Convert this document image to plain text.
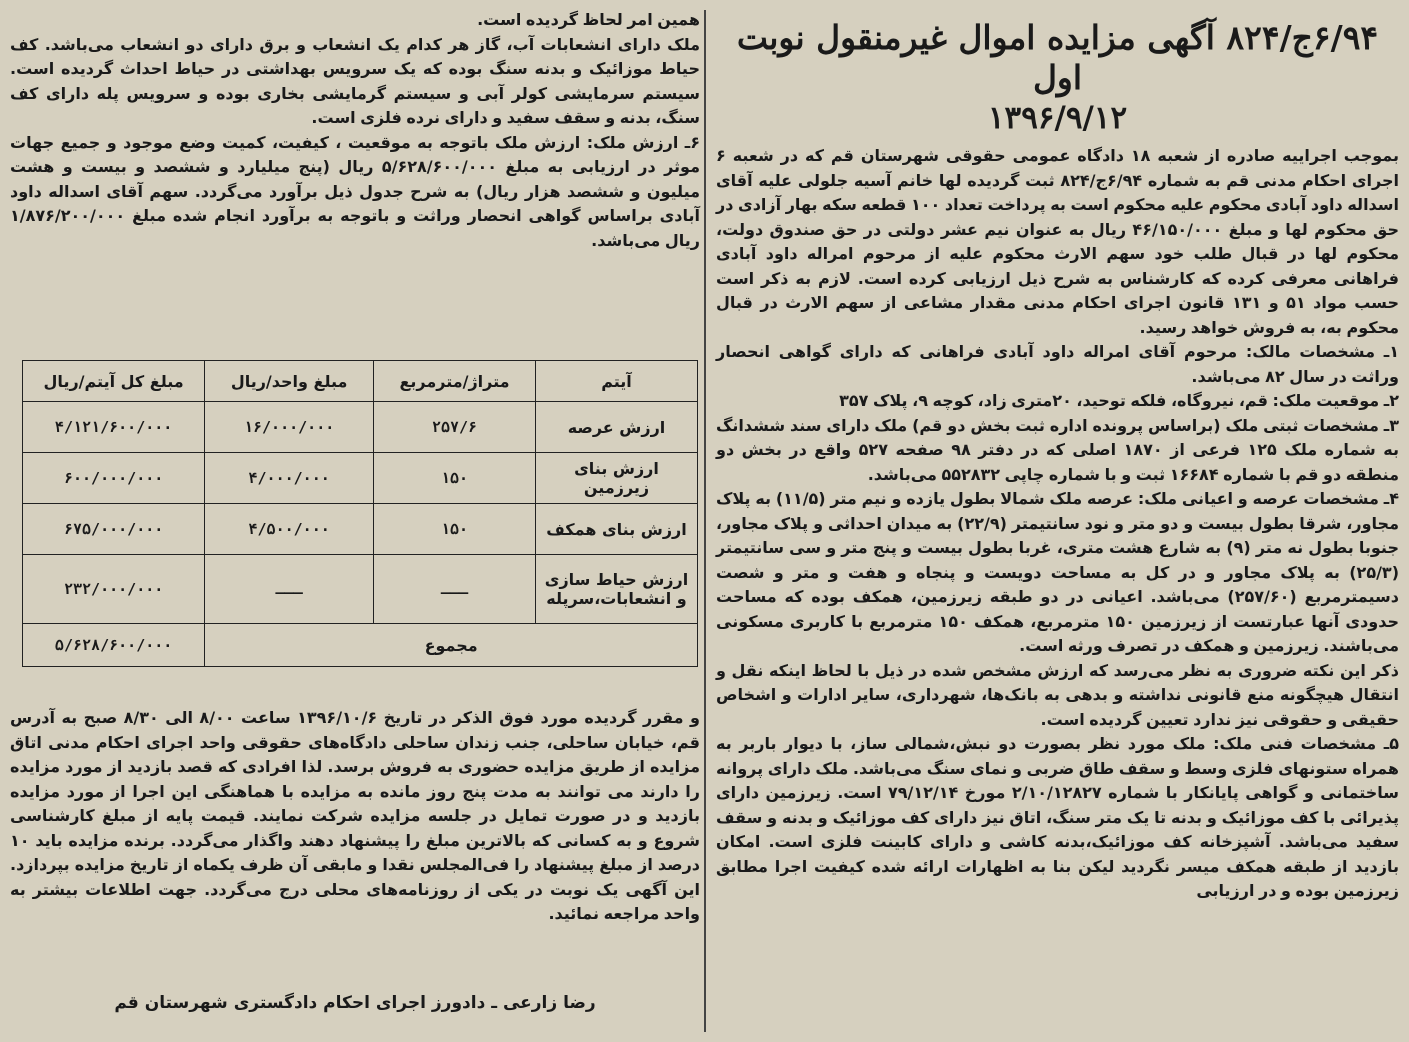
۶/۹۴ج/۸۲۴ آگهی مزایده اموال غیرمنقول نوبت اول
۱۳۹۶/۹/۱۲

بموجب اجراییه صادره از شعبه ۱۸ دادگاه عمومی حقوقی شهرستان قم که در شعبه ۶ اجرای احکام مدنی قم به شماره ۶/۹۴ج/۸۲۴ ثبت گردیده لها خانم آسیه جلولی علیه آقای اسداله داود آبادی محکوم علیه محکوم است به پرداخت تعداد ۱۰۰ قطعه سکه بهار آزادی در حق محکوم لها و مبلغ ۴۶/۱۵۰/۰۰۰ ریال به عنوان نیم عشر دولتی در حق صندوق دولت، محکوم لها در قبال طلب خود سهم الارث محکوم علیه از مرحوم امراله داود آبادی فراهانی معرفی کرده که کارشناس به شرح ذیل ارزیابی کرده است. لازم به ذکر است حسب مواد ۵۱ و ۱۳۱ قانون اجرای احکام مدنی مقدار مشاعی از سهم الارث در قبال محکوم به، به فروش خواهد رسید.

۱ـ مشخصات مالک: مرحوم آقای امراله داود آبادی فراهانی که دارای گواهی انحصار وراثت در سال ۸۲ می‌باشد.

۲ـ موقعیت ملک: قم، نیروگاه، فلکه توحید، ۲۰متری زاد، کوچه ۹، پلاک ۳۵۷

۳ـ مشخصات ثبتی ملک (براساس پرونده اداره ثبت بخش دو قم) ملک دارای سند ششدانگ به شماره ملک ۱۲۵ فرعی از ۱۸۷۰ اصلی که در دفتر ۹۸ صفحه ۵۲۷ واقع در بخش دو منطقه دو قم با شماره ۱۶۶۸۴ ثبت و با شماره چاپی ۵۵۲۸۳۲ می‌باشد.

۴ـ مشخصات عرصه و اعیانی ملک: عرصه ملک شمالا بطول یازده و نیم متر (۱۱/۵) به پلاک مجاور، شرقا بطول بیست و دو متر و نود سانتیمتر (۲۲/۹) به میدان احداثی و پلاک مجاور، جنوبا بطول نه متر (۹) به شارع هشت متری، غربا بطول بیست و پنج متر و سی سانتیمتر (۲۵/۳) به پلاک مجاور و در کل به مساحت دویست و پنجاه و هفت و متر و شصت دسیمترمربع (۲۵۷/۶۰) می‌باشد. اعیانی در دو طبقه زیرزمین، همکف بوده که مساحت حدودی آنها عبارتست از زیرزمین ۱۵۰ مترمربع، همکف ۱۵۰ مترمربع با کاربری مسکونی می‌باشند. زیرزمین و همکف در تصرف ورثه است.

ذکر این نکته ضروری به نظر می‌رسد که ارزش مشخص شده در ذیل با لحاظ اینکه نقل و انتقال هیچگونه منع قانونی نداشته و بدهی به بانک‌ها، شهرداری، سایر ادارات و اشخاص حقیقی و حقوقی نیز ندارد تعیین گردیده است.

۵ـ مشخصات فنی ملک: ملک مورد نظر بصورت دو نبش،شمالی ساز، با دیوار باربر به همراه ستونهای فلزی وسط و سقف طاق ضربی و نمای سنگ می‌باشد. ملک دارای پروانه ساختمانی و گواهی پایانکار با شماره ۲/۱۰/۱۲۸۲۷ مورخ ۷۹/۱۲/۱۴ است. زیرزمین دارای پذیرائی با کف موزائیک و بدنه تا یک متر سنگ، اتاق نیز دارای کف موزائیک و بدنه و سقف سفید می‌باشد. آشپزخانه کف موزائیک،بدنه کاشی و دارای کابینت فلزی است. امکان بازدید از طبقه همکف میسر نگردید لیکن بنا به اظهارات ارائه شده کیفیت اجرا مطابق زیرزمین بوده و در ارزیابی

همین امر لحاظ گردیده است.

ملک دارای انشعابات آب، گاز هر کدام یک انشعاب و برق دارای دو انشعاب می‌باشد. کف حیاط موزائیک و بدنه سنگ بوده که یک سرویس بهداشتی در حیاط احداث گردیده است. سیستم سرمایشی کولر آبی و سیستم گرمایشی بخاری بوده و سرویس پله دارای کف سنگ، بدنه و سقف سفید و دارای نرده فلزی است.

۶ـ ارزش ملک: ارزش ملک باتوجه به موقعیت ، کیفیت، کمیت وضع موجود و جمیع جهات موثر در ارزیابی به مبلغ ۵/۶۲۸/۶۰۰/۰۰۰ ریال (پنج میلیارد و ششصد و بیست و هشت میلیون و ششصد هزار ریال) به شرح جدول ذیل برآورد می‌گردد. سهم آقای اسداله داود آبادی براساس گواهی انحصار وراثت و باتوجه به برآورد انجام شده مبلغ ۱/۸۷۶/۲۰۰/۰۰۰ ریال می‌باشد.

آیتم	متراژ/مترمربع	مبلغ واحد/ریال	مبلغ کل آیتم/ریال
ارزش عرصه	۲۵۷/۶	۱۶/۰۰۰/۰۰۰	۴/۱۲۱/۶۰۰/۰۰۰
ارزش بنای زیرزمین	۱۵۰	۴/۰۰۰/۰۰۰	۶۰۰/۰۰۰/۰۰۰
ارزش بنای همکف	۱۵۰	۴/۵۰۰/۰۰۰	۶۷۵/۰۰۰/۰۰۰
ارزش حیاط سازی و انشعابات،سرپله	ـــ	ـــ	۲۳۲/۰۰۰/۰۰۰
مجموع			۵/۶۲۸/۶۰۰/۰۰۰

و مقرر گردیده مورد فوق الذکر در تاریخ ۱۳۹۶/۱۰/۶ ساعت ۸/۰۰ الی ۸/۳۰ صبح به آدرس قم، خیابان ساحلی، جنب زندان ساحلی دادگاه‌های حقوقی واحد اجرای احکام مدنی اتاق مزایده از طریق مزایده حضوری به فروش برسد. لذا افرادی که قصد بازدید از مورد مزایده را دارند می توانند به مدت پنج روز مانده به مزایده با هماهنگی این اجرا از مورد مزایده بازدید و در صورت تمایل در جلسه مزایده شرکت نمایند. قیمت پایه از مبلغ کارشناسی شروع و به کسانی که بالاترین مبلغ را پیشنهاد دهند واگذار می‌گردد. برنده مزایده باید ۱۰ درصد از مبلغ پیشنهاد را فی‌المجلس نقدا و مابقی آن ظرف یکماه از تاریخ مزایده بپردازد. این آگهی یک نوبت در یکی از روزنامه‌های محلی درج می‌گردد. جهت اطلاعات بیشتر به واحد مراجعه نمائید.

رضا زارعی ـ دادورز اجرای احکام دادگستری شهرستان قم
